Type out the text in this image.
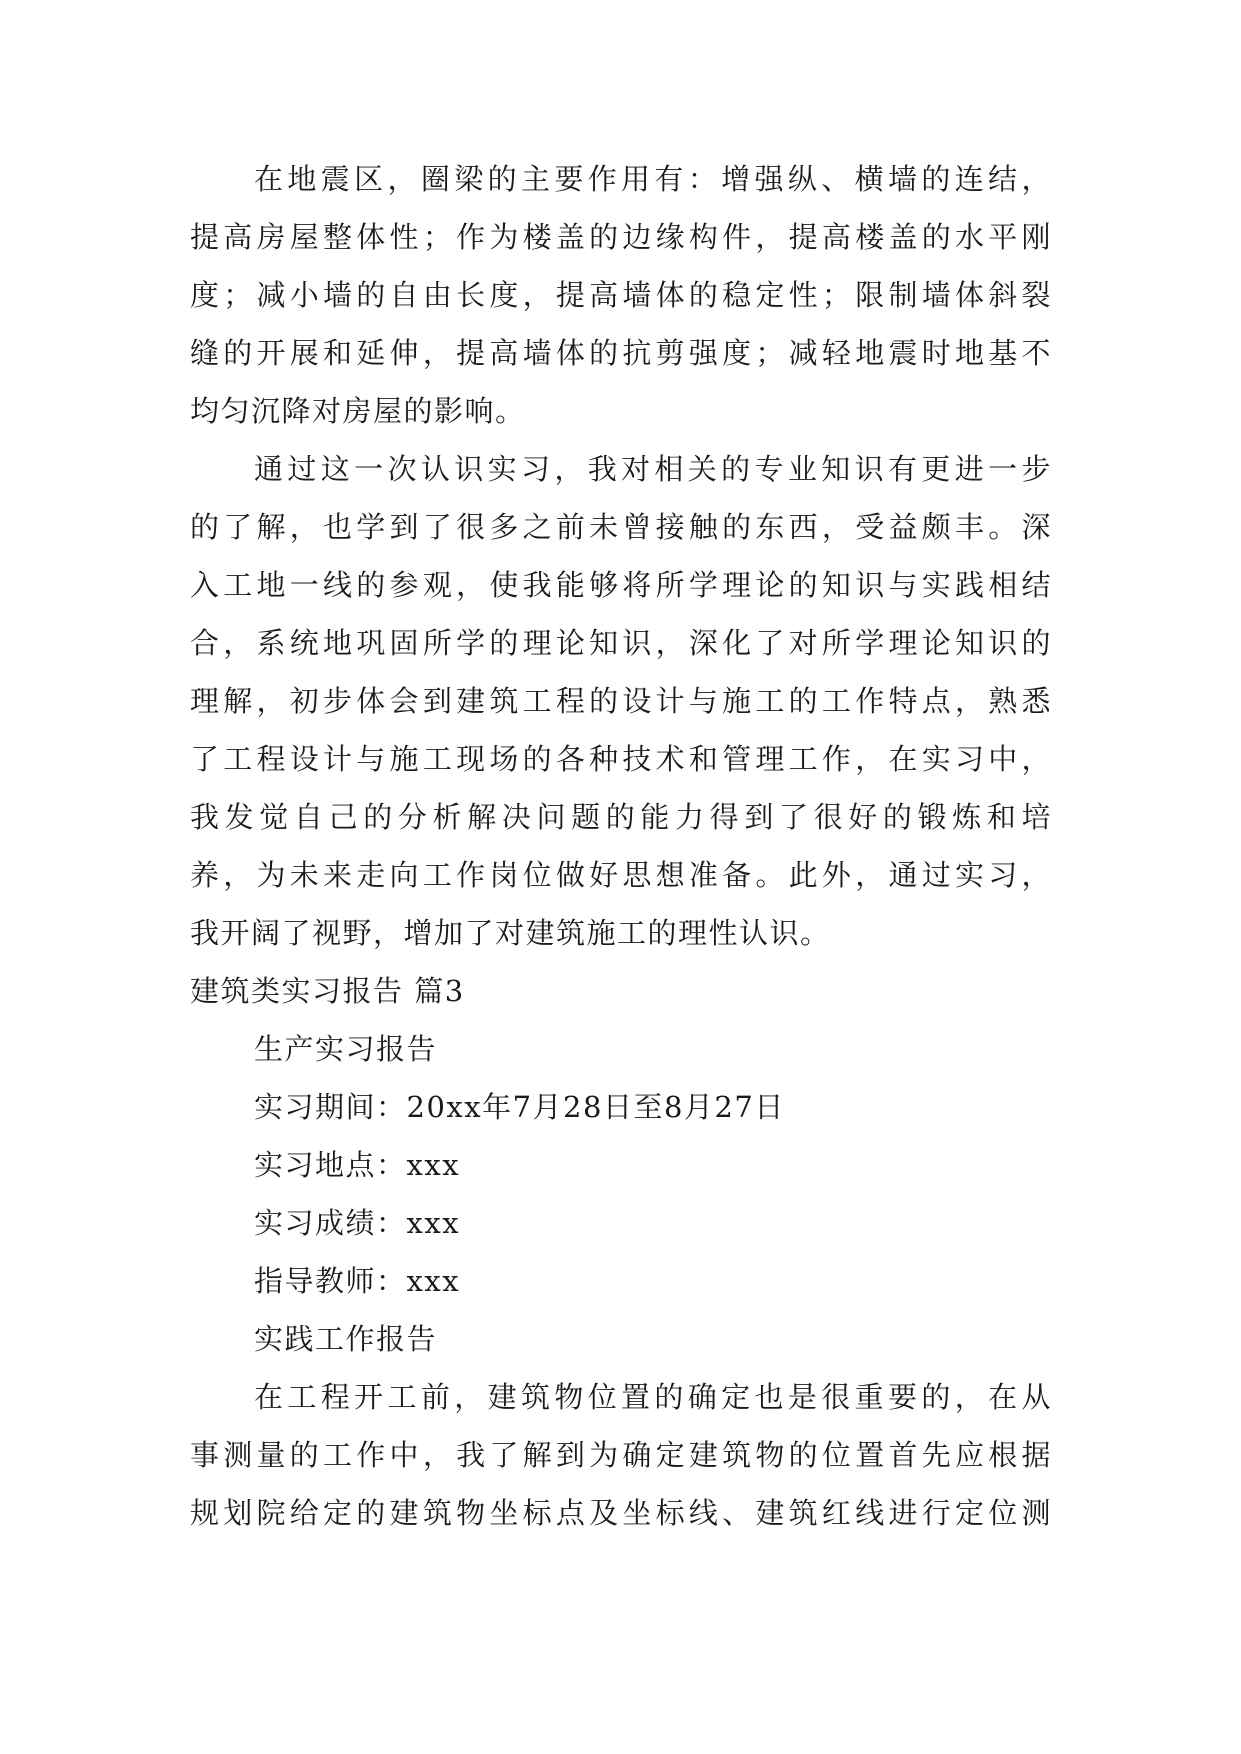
在地震区，圈梁的主要作用有：增强纵、横墙的连结，
提高房屋整体性；作为楼盖的边缘构件，提高楼盖的水平刚
度；减小墙的自由长度，提高墙体的稳定性；限制墙体斜裂
缝的开展和延伸，提高墙体的抗剪强度；减轻地震时地基不
均匀沉降对房屋的影响。
通过这一次认识实习，我对相关的专业知识有更进一步
的了解，也学到了很多之前未曾接触的东西，受益颇丰。深
入工地一线的参观，使我能够将所学理论的知识与实践相结
合，系统地巩固所学的理论知识，深化了对所学理论知识的
理解，初步体会到建筑工程的设计与施工的工作特点，熟悉
了工程设计与施工现场的各种技术和管理工作，在实习中，
我发觉自己的分析解决问题的能力得到了很好的锻炼和培
养，为未来走向工作岗位做好思想准备。此外，通过实习，
我开阔了视野，增加了对建筑施工的理性认识。
建筑类实习报告 篇3
生产实习报告
实习期间：20xx年7月28日至8月27日
实习地点：xxx
实习成绩：xxx
指导教师：xxx
实践工作报告
在工程开工前，建筑物位置的确定也是很重要的，在从
事测量的工作中，我了解到为确定建筑物的位置首先应根据
规划院给定的建筑物坐标点及坐标线、建筑红线进行定位测
